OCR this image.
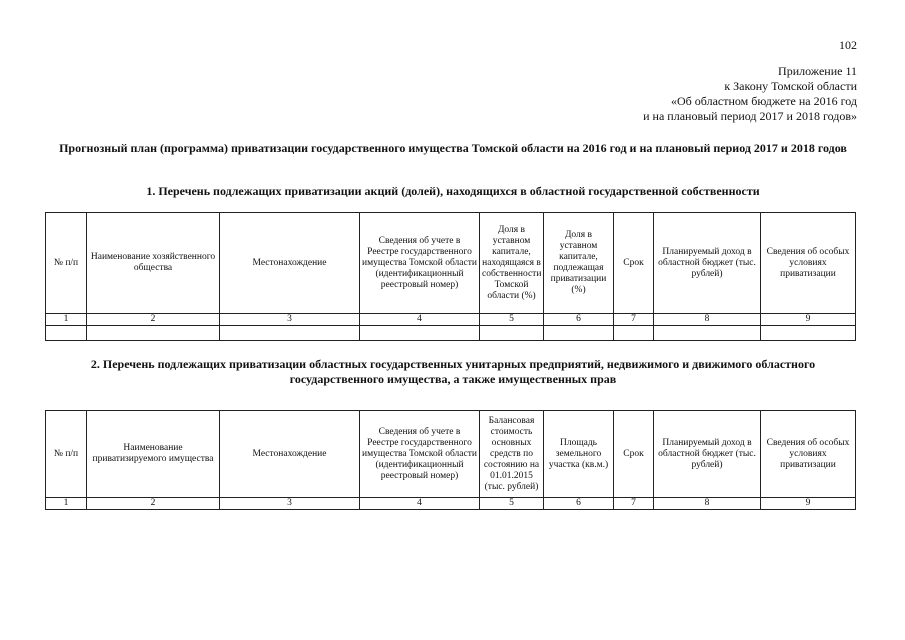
102
Приложение 11
к Закону Томской области
«Об областном бюджете на 2016 год
и на плановый период 2017 и 2018 годов»
Прогнозный план (программа) приватизации государственного имущества Томской области на 2016 год и на плановый период 2017 и 2018 годов
1. Перечень подлежащих приватизации акций (долей), находящихся в областной государственной собственности
№ п/п	Наименование хозяйственного общества	Местонахождение	Сведения об учете в Реестре государственного имущества Томской области (идентификационный реестровый номер)	Доля в уставном капитале, находящаяся в собственности Томской области (%)	Доля в уставном капитале, подлежащая приватизации (%)	Срок	Планируемый доход в областной бюджет (тыс. рублей)	Сведения об особых условиях приватизации
1	2	3	4	5	6	7	8	9

2. Перечень подлежащих приватизации областных государственных унитарных предприятий, недвижимого и движимого областного государственного имущества, а также имущественных прав
№ п/п	Наименование приватизируемого имущества	Местонахождение	Сведения об учете в Реестре государственного имущества Томской области (идентификационный реестровый номер)	Балансовая стоимость основных средств по состоянию на 01.01.2015 (тыс. рублей)	Площадь земельного участка (кв.м.)	Срок	Планируемый доход в областной бюджет (тыс. рублей)	Сведения об особых условиях приватизации
1	2	3	4	5	6	7	8	9
